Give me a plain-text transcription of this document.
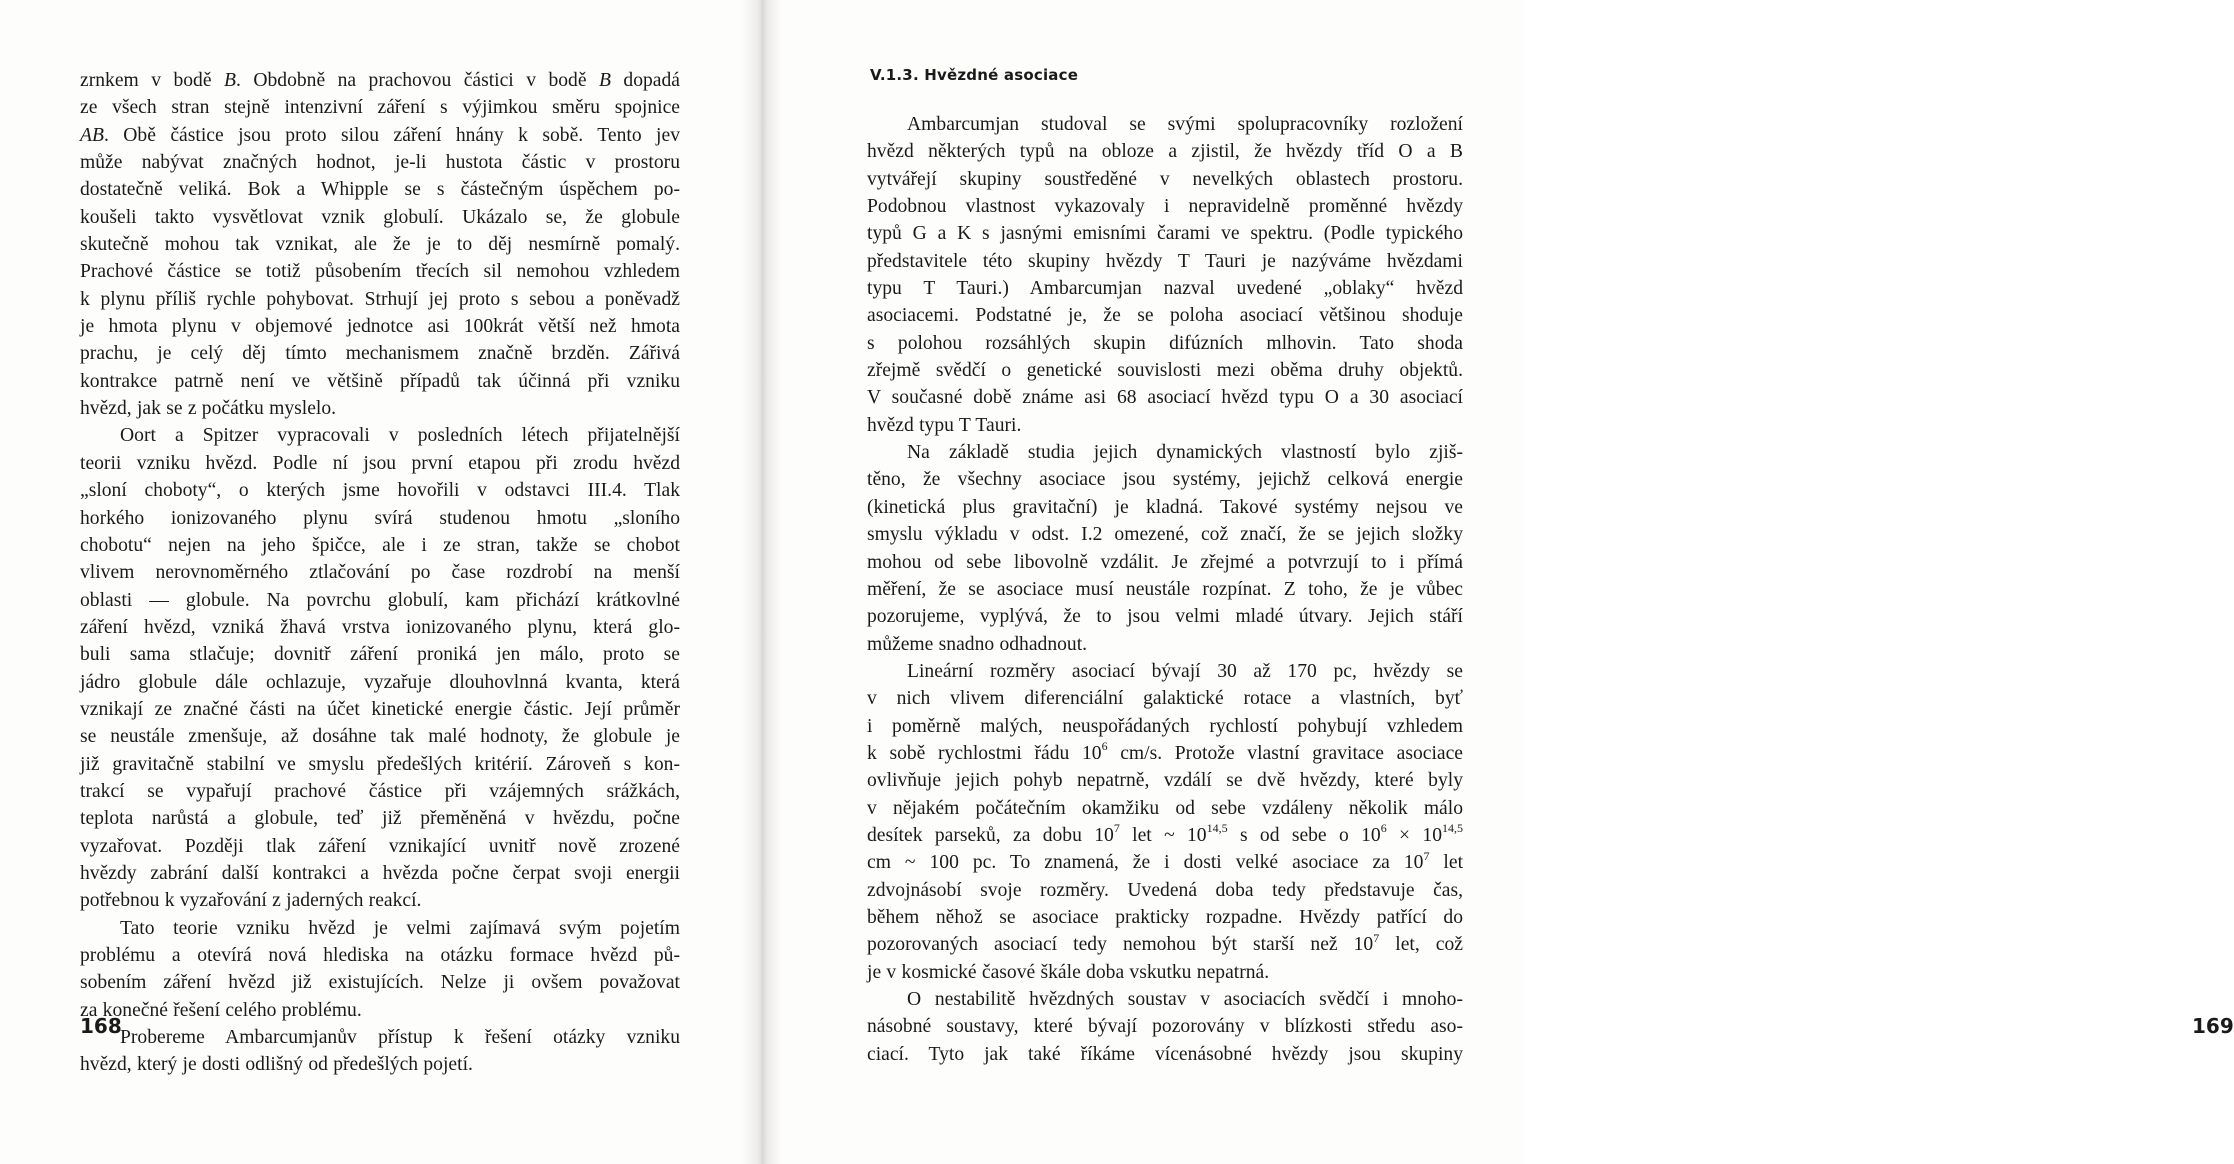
zrnkem v bodě B. Obdobně na prachovou částici v bodě B dopadá
ze všech stran stejně intenzivní záření s výjimkou směru spojnice
AB. Obě částice jsou proto silou záření hnány k sobě. Tento jev
může nabývat značných hodnot, je-li hustota částic v prostoru
dostatečně veliká. Bok a Whipple se s částečným úspěchem po-
koušeli takto vysvětlovat vznik globulí. Ukázalo se, že globule
skutečně mohou tak vznikat, ale že je to děj nesmírně pomalý.
Prachové částice se totiž působením třecích sil nemohou vzhledem
k plynu příliš rychle pohybovat. Strhují jej proto s sebou a poněvadž
je hmota plynu v objemové jednotce asi 100krát větší než hmota
prachu, je celý děj tímto mechanismem značně brzděn. Zářivá
kontrakce patrně není ve většině případů tak účinná při vzniku
hvězd, jak se z počátku myslelo.
Oort a Spitzer vypracovali v posledních létech přijatelnější
teorii vzniku hvězd. Podle ní jsou první etapou při zrodu hvězd
„sloní choboty“, o kterých jsme hovořili v odstavci III.4. Tlak
horkého ionizovaného plynu svírá studenou hmotu „sloního
chobotu“ nejen na jeho špičce, ale i ze stran, takže se chobot
vlivem nerovnoměrného ztlačování po čase rozdrobí na menší
oblasti — globule. Na povrchu globulí, kam přichází krátkovlné
záření hvězd, vzniká žhavá vrstva ionizovaného plynu, která glo-
buli sama stlačuje; dovnitř záření proniká jen málo, proto se
jádro globule dále ochlazuje, vyzařuje dlouhovlnná kvanta, která
vznikají ze značné části na účet kinetické energie částic. Její průměr
se neustále zmenšuje, až dosáhne tak malé hodnoty, že globule je
již gravitačně stabilní ve smyslu předešlých kritérií. Zároveň s kon-
trakcí se vypařují prachové částice při vzájemných srážkách,
teplota narůstá a globule, teď již přeměněná v hvězdu, počne
vyzařovat. Později tlak záření vznikající uvnitř nově zrozené
hvězdy zabrání další kontrakci a hvězda počne čerpat svoji energii
potřebnou k vyzařování z jaderných reakcí.
Tato teorie vzniku hvězd je velmi zajímavá svým pojetím
problému a otevírá nová hlediska na otázku formace hvězd pů-
sobením záření hvězd již existujících. Nelze ji ovšem považovat
za konečné řešení celého problému.
Probereme Ambarcumjanův přístup k řešení otázky vzniku
hvězd, který je dosti odlišný od předešlých pojetí.
168
Ambarcumjan studoval se svými spolupracovníky rozložení
hvězd některých typů na obloze a zjistil, že hvězdy tříd O a B
vytvářejí skupiny soustředěné v nevelkých oblastech prostoru.
Podobnou vlastnost vykazovaly i nepravidelně proměnné hvězdy
typů G a K s jasnými emisními čarami ve spektru. (Podle typického
představitele této skupiny hvězdy T Tauri je nazýváme hvězdami
typu T Tauri.) Ambarcumjan nazval uvedené „oblaky“ hvězd
asociacemi. Podstatné je, že se poloha asociací většinou shoduje
s polohou rozsáhlých skupin difúzních mlhovin. Tato shoda
zřejmě svědčí o genetické souvislosti mezi oběma druhy objektů.
V současné době známe asi 68 asociací hvězd typu O a 30 asociací
hvězd typu T Tauri.
Na základě studia jejich dynamických vlastností bylo zjiš-
těno, že všechny asociace jsou systémy, jejichž celková energie
(kinetická plus gravitační) je kladná. Takové systémy nejsou ve
smyslu výkladu v odst. I.2 omezené, což značí, že se jejich složky
mohou od sebe libovolně vzdálit. Je zřejmé a potvrzují to i přímá
měření, že se asociace musí neustále rozpínat. Z toho, že je vůbec
pozorujeme, vyplývá, že to jsou velmi mladé útvary. Jejich stáří
můžeme snadno odhadnout.
Lineární rozměry asociací bývají 30 až 170 pc, hvězdy se
v nich vlivem diferenciální galaktické rotace a vlastních, byť
i poměrně malých, neuspořádaných rychlostí pohybují vzhledem
k sobě rychlostmi řádu $10^6$ cm/s. Protože vlastní gravitace asociace
ovlivňuje jejich pohyb nepatrně, vzdálí se dvě hvězdy, které byly
v nějakém počátečním okamžiku od sebe vzdáleny několik málo
desítek parseků, za dobu $10^7$ let ~ 10$^{14,5}$ s od sebe o $10^6 \times 10^{14,5}$
cm ~ 100 pc. To znamená, že i dosti velké asociace za $10^7$ let
zdvojnásobí svoje rozměry. Uvedená doba tedy představuje čas,
během něhož se asociace prakticky rozpadne. Hvězdy patřící do
pozorovaných asociací tedy nemohou být starší než $10^7$ let, což
je v kosmické časové škále doba vskutku nepatrná.
O nestabilitě hvězdných soustav v asociacích svědčí i mnoho-
násobné soustavy, které bývají pozorovány v blízkosti středu aso-
ciací. Tyto jak také říkáme vícenásobné hvězdy jsou skupiny
169
V.1.3. Hvězdné asociace
